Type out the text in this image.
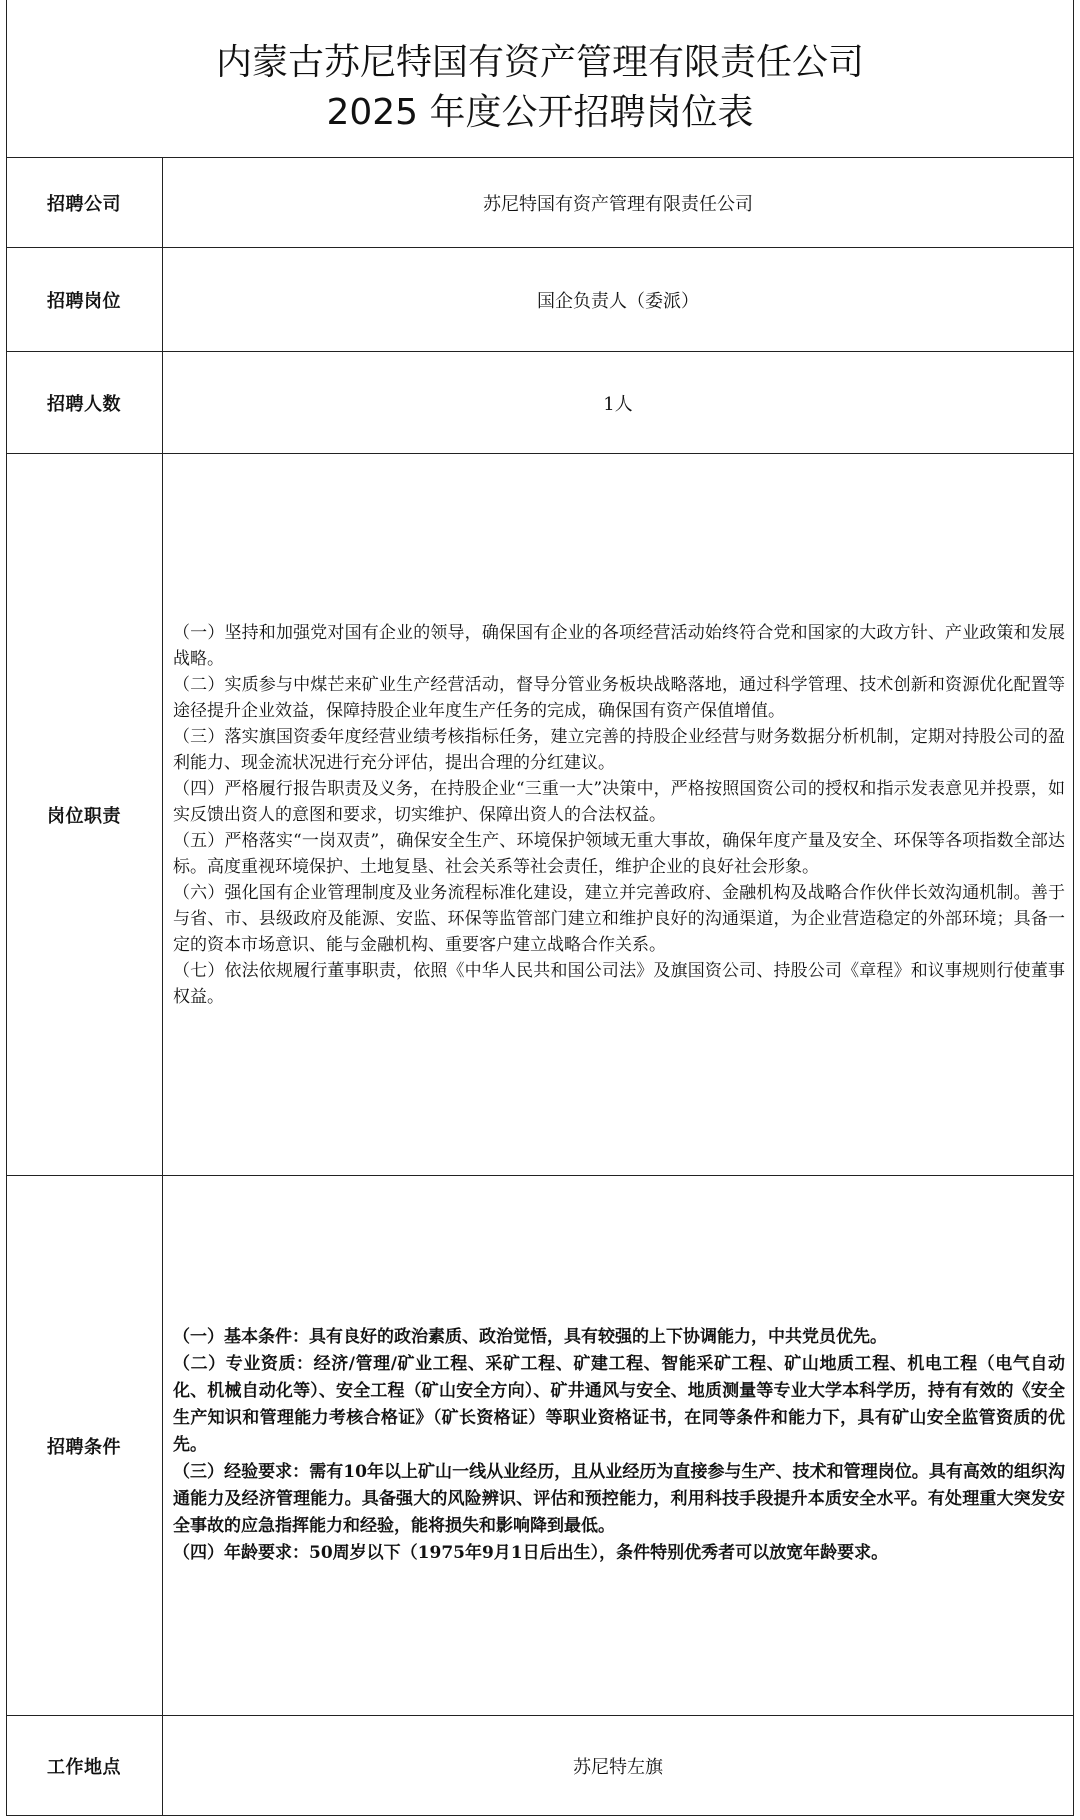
内蒙古苏尼特国有资产管理有限责任公司
2025 年度公开招聘岗位表
招聘公司	苏尼特国有资产管理有限责任公司
招聘岗位	国企负责人（委派）
招聘人数	1人
岗位职责

（一）坚持和加强党对国有企业的领导，确保国有企业的各项经营活动始终符合党和国家的大政方针、产业政策和发展战略。

（二）实质参与中煤芒来矿业生产经营活动，督导分管业务板块战略落地，通过科学管理、技术创新和资源优化配置等途径提升企业效益，保障持股企业年度生产任务的完成，确保国有资产保值增值。

（三）落实旗国资委年度经营业绩考核指标任务，建立完善的持股企业经营与财务数据分析机制，定期对持股公司的盈利能力、现金流状况进行充分评估，提出合理的分红建议。

（四）严格履行报告职责及义务，在持股企业“三重一大”决策中，严格按照国资公司的授权和指示发表意见并投票，如实反馈出资人的意图和要求，切实维护、保障出资人的合法权益。

（五）严格落实“一岗双责”，确保安全生产、环境保护领域无重大事故，确保年度产量及安全、环保等各项指数全部达标。高度重视环境保护、土地复垦、社会关系等社会责任，维护企业的良好社会形象。

（六）强化国有企业管理制度及业务流程标准化建设，建立并完善政府、金融机构及战略合作伙伴长效沟通机制。善于与省、市、县级政府及能源、安监、环保等监管部门建立和维护良好的沟通渠道，为企业营造稳定的外部环境；具备一定的资本市场意识、能与金融机构、重要客户建立战略合作关系。

（七）依法依规履行董事职责，依照《中华人民共和国公司法》及旗国资公司、持股公司《章程》和议事规则行使董事权益。

招聘条件

（一）基本条件：具有良好的政治素质、政治觉悟，具有较强的上下协调能力，中共党员优先。

（二）专业资质：经济/管理/矿业工程、采矿工程、矿建工程、智能采矿工程、矿山地质工程、机电工程（电气自动化、机械自动化等）、安全工程（矿山安全方向）、矿井通风与安全、地质测量等专业大学本科学历，持有有效的《安全生产知识和管理能力考核合格证》（矿长资格证）等职业资格证书，在同等条件和能力下，具有矿山安全监管资质的优先。

（三）经验要求：需有10年以上矿山一线从业经历，且从业经历为直接参与生产、技术和管理岗位。具有高效的组织沟通能力及经济管理能力。具备强大的风险辨识、评估和预控能力，利用科技手段提升本质安全水平。有处理重大突发安全事故的应急指挥能力和经验，能将损失和影响降到最低。

（四）年龄要求：50周岁以下（1975年9月1日后出生），条件特别优秀者可以放宽年龄要求。

工作地点	苏尼特左旗
